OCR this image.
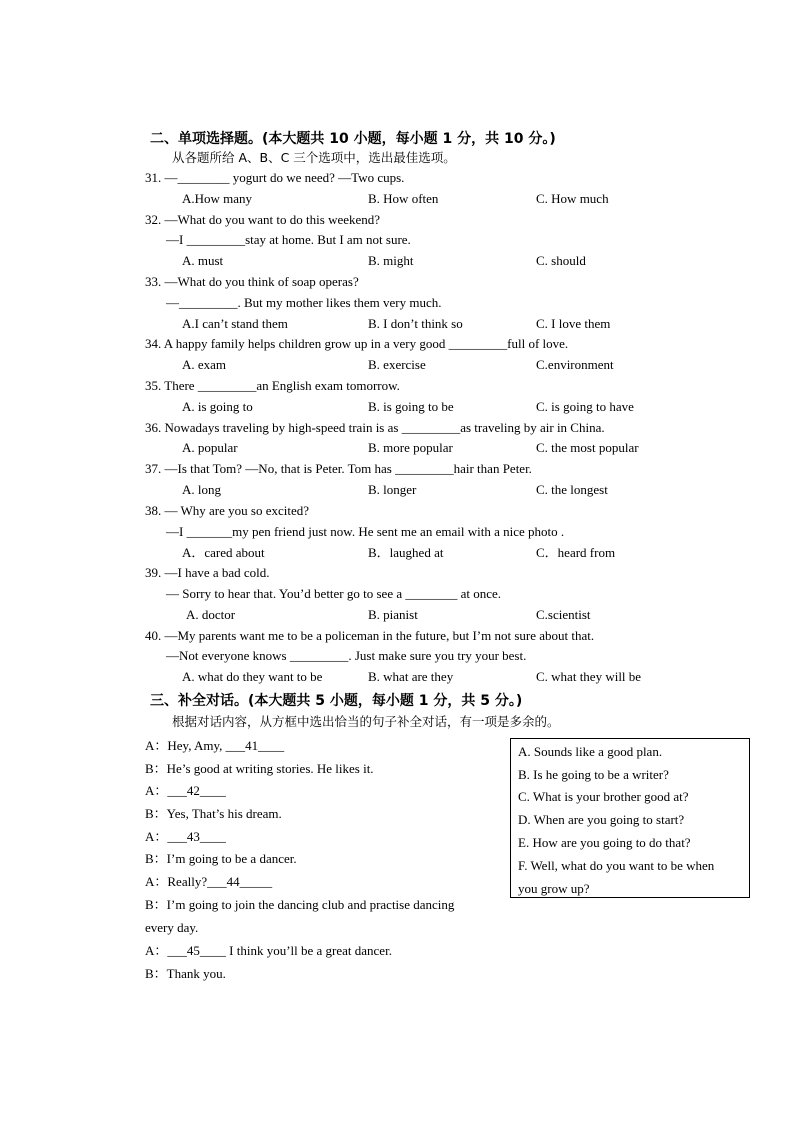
二、单项选择题。(本大题共 10 小题，每小题 1 分，共 10 分。)
从各题所给 A、B、C 三个选项中，选出最佳选项。
31. —________ yogurt do we need? —Two cups.
A.How many	B. How often	C. How much
32. —What do you want to do this weekend?
—I _________stay at home. But I am not sure.
A. must	B. might	C. should
33. —What do you think of soap operas?
—_________. But my mother likes them very much.
A.I can’t stand them	B. I don’t think so	C. I love them
34. A happy family helps children grow up in a very good _________full of love.
A. exam	B. exercise	C.environment
35. There _________an English exam tomorrow.
A. is going to	B. is going to be	C. is going to have
36. Nowadays traveling by high-speed train is as _________as traveling by air in China.
A. popular	B. more popular	C. the most popular
37. —Is that Tom? —No, that is Peter. Tom has _________hair than Peter.
A. long	B. longer	C. the longest
38. — Why are you so excited?
—I _______my pen friend just now. He sent me an email with a nice photo .
A．cared about	B．laughed at	C．heard from
39. —I have a bad cold.
— Sorry to hear that. You’d better go to see a ________ at once.
A. doctor	B. pianist	C.scientist
40. —My parents want me to be a policeman in the future, but I’m not sure about that.
—Not everyone knows _________. Just make sure you try your best.
A. what do they want to be	B. what are they	C. what they will be
三、补全对话。(本大题共 5 小题，每小题 1 分，共 5 分。)
根据对话内容，从方框中选出恰当的句子补全对话，有一项是多余的。
A：Hey, Amy, ___41____
B：He’s good at writing stories. He likes it.
A：___42____
B：Yes, That’s his dream.
A：___43____
B：I’m going to be a dancer.
A：Really?___44_____
B：I’m going to join the dancing club and practise dancing
every day.
A：___45____ I think you’ll be a great dancer.
B：Thank you.
A. Sounds like a good plan.
B. Is he going to be a writer?
C. What is your brother good at?
D. When are you going to start?
E. How are you going to do that?
F. Well, what do you want to be when
you grow up?
